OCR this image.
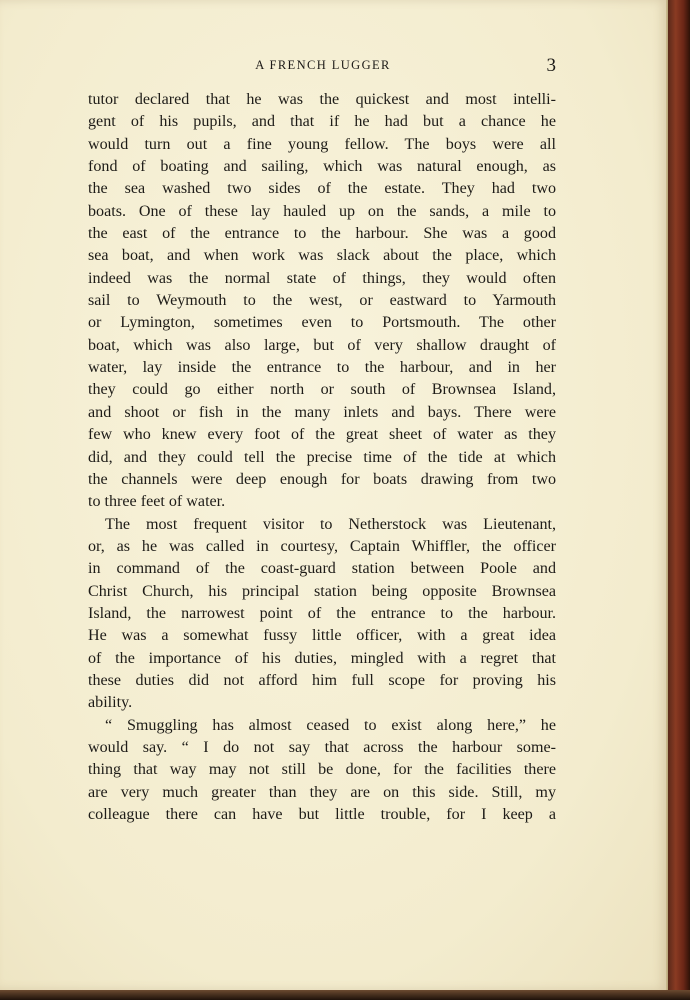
A FRENCH LUGGER	3
tutor declared that he was the quickest and most intelli-
gent of his pupils, and that if he had but a chance he
would turn out a fine young fellow. The boys were all
fond of boating and sailing, which was natural enough, as
the sea washed two sides of the estate. They had two
boats. One of these lay hauled up on the sands, a mile to
the east of the entrance to the harbour. She was a good
sea boat, and when work was slack about the place, which
indeed was the normal state of things, they would often
sail to Weymouth to the west, or eastward to Yarmouth
or Lymington, sometimes even to Portsmouth. The other
boat, which was also large, but of very shallow draught of
water, lay inside the entrance to the harbour, and in her
they could go either north or south of Brownsea Island,
and shoot or fish in the many inlets and bays. There were
few who knew every foot of the great sheet of water as they
did, and they could tell the precise time of the tide at which
the channels were deep enough for boats drawing from two
to three feet of water.
The most frequent visitor to Netherstock was Lieutenant,
or, as he was called in courtesy, Captain Whiffler, the officer
in command of the coast-guard station between Poole and
Christ Church, his principal station being opposite Brownsea
Island, the narrowest point of the entrance to the harbour.
He was a somewhat fussy little officer, with a great idea
of the importance of his duties, mingled with a regret that
these duties did not afford him full scope for proving his
ability.
“ Smuggling has almost ceased to exist along here,” he
would say. “ I do not say that across the harbour some-
thing that way may not still be done, for the facilities there
are very much greater than they are on this side. Still, my
colleague there can have but little trouble, for I keep a
